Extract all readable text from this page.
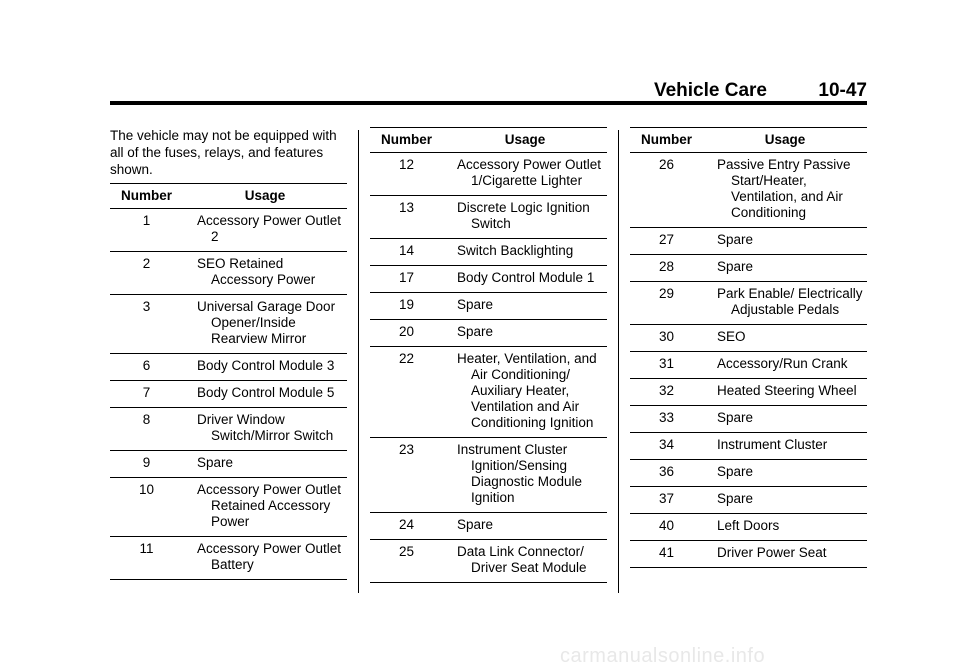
Vehicle Care	10-47

The vehicle may not be equipped with all of the fuses, relays, and features shown.

Number	Usage
1	Accessory Power Outlet 2

2	SEO Retained Accessory Power

3	Universal Garage Door Opener/Inside Rearview Mirror

6	Body Control Module 3

7	Body Control Module 5

8	Driver Window Switch/Mirror Switch

9	Spare

10	Accessory Power Outlet Retained Accessory Power

11	Accessory Power Outlet Battery
Number	Usage
12	Accessory Power Outlet 1/Cigarette Lighter

13	Discrete Logic Ignition Switch

14	Switch Backlighting

17	Body Control Module 1

19	Spare

20	Spare

22	Heater, Ventilation, and Air Conditioning/ Auxiliary Heater, Ventilation and Air Conditioning Ignition

23	Instrument Cluster Ignition/Sensing Diagnostic Module Ignition

24	Spare

25	Data Link Connector/ Driver Seat Module
Number	Usage
26	Passive Entry Passive Start/Heater, Ventilation, and Air Conditioning

27	Spare

28	Spare

29	Park Enable/ Electrically Adjustable Pedals

30	SEO

31	Accessory/Run Crank

32	Heated Steering Wheel

33	Spare

34	Instrument Cluster

36	Spare

37	Spare

40	Left Doors

41	Driver Power Seat
carmanualsonline.info
